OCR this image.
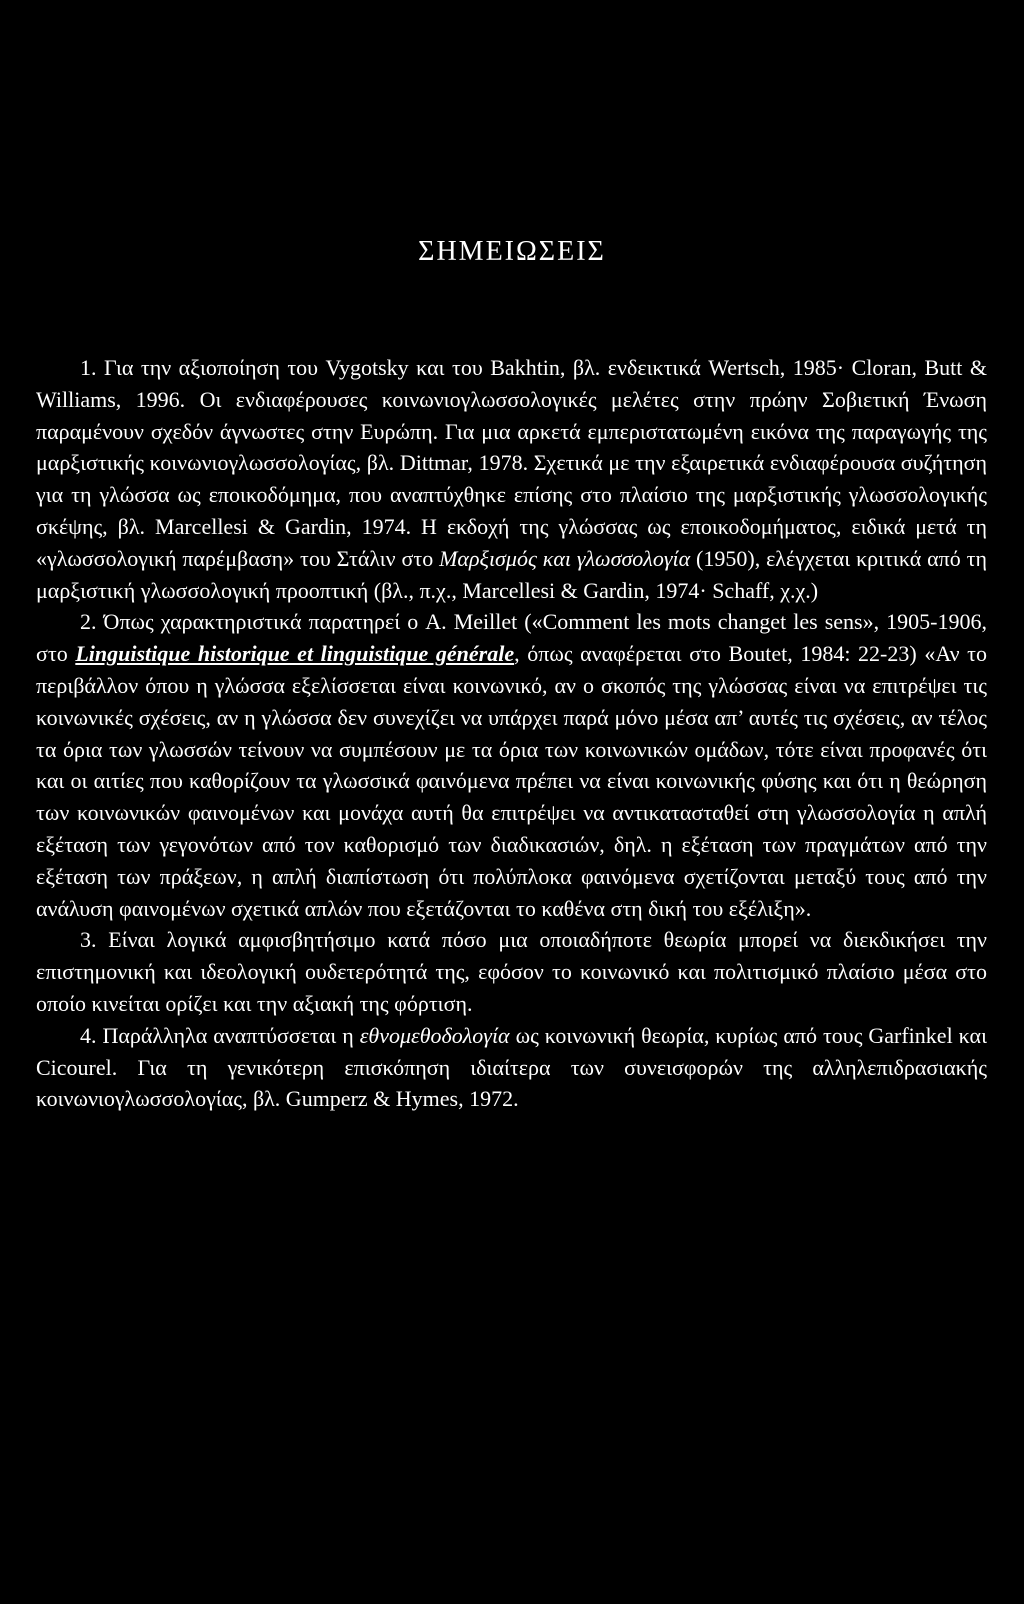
ΣΗΜΕΙΩΣΕΙΣ

1. Για την αξιοποίηση του Vygotsky και του Bakhtin, βλ. ενδεικτικά Wertsch, 1985· Cloran, Butt & Williams, 1996. Οι ενδιαφέρουσες κοινωνιογλωσσολογικές μελέτες στην πρώην Σοβιετική Ένωση παραμένουν σχεδόν άγνωστες στην Ευρώπη. Για μια αρκετά εμπεριστατωμένη εικόνα της παραγωγής της μαρξιστικής κοινωνιογλωσσολογίας, βλ. Dittmar, 1978. Σχετικά με την εξαιρετικά ενδιαφέρουσα συζήτηση για τη γλώσσα ως εποικοδόμημα, που αναπτύχθηκε επίσης στο πλαίσιο της μαρξιστικής γλωσσολογικής σκέψης, βλ. Marcellesi & Gardin, 1974. Η εκδοχή της γλώσσας ως εποικοδομήματος, ειδικά μετά τη «γλωσσολογική παρέμβαση» του Στάλιν στο Μαρξισμός και γλωσσολογία (1950), ελέγχεται κριτικά από τη μαρξιστική γλωσσολογική προοπτική (βλ., π.χ., Marcellesi & Gardin, 1974· Schaff, χ.χ.)

2. Όπως χαρακτηριστικά παρατηρεί ο A. Meillet («Comment les mots changet les sens», 1905-1906, στο Linguistique historique et linguistique générale, όπως αναφέρεται στο Boutet, 1984: 22-23) «Αν το περιβάλλον όπου η γλώσσα εξελίσσεται είναι κοινωνικό, αν ο σκοπός της γλώσσας είναι να επιτρέψει τις κοινωνικές σχέσεις, αν η γλώσσα δεν συνεχίζει να υπάρχει παρά μόνο μέσα απ’ αυτές τις σχέσεις, αν τέλος τα όρια των γλωσσών τείνουν να συμπέσουν με τα όρια των κοινωνικών ομάδων, τότε είναι προφανές ότι και οι αιτίες που καθορίζουν τα γλωσσικά φαινόμενα πρέπει να είναι κοινωνικής φύσης και ότι η θεώρηση των κοινωνικών φαινομένων και μονάχα αυτή θα επιτρέψει να αντικατασταθεί στη γλωσσολογία η απλή εξέταση των γεγονότων από τον καθορισμό των διαδικασιών, δηλ. η εξέταση των πραγμάτων από την εξέταση των πράξεων, η απλή διαπίστωση ότι πολύπλοκα φαινόμενα σχετίζονται μεταξύ τους από την ανάλυση φαινομένων σχετικά απλών που εξετάζονται το καθένα στη δική του εξέλιξη».

3. Είναι λογικά αμφισβητήσιμο κατά πόσο μια οποιαδήποτε θεωρία μπορεί να διεκδικήσει την επιστημονική και ιδεολογική ουδετερότητά της, εφόσον το κοινωνικό και πολιτισμικό πλαίσιο μέσα στο οποίο κινείται ορίζει και την αξιακή της φόρτιση.

4. Παράλληλα αναπτύσσεται η εθνομεθοδολογία ως κοινωνική θεωρία, κυρίως από τους Garfinkel και Cicourel. Για τη γενικότερη επισκόπηση ιδιαίτερα των συνεισφορών της αλληλεπιδρασιακής κοινωνιογλωσσολογίας, βλ. Gumperz & Hymes, 1972.
